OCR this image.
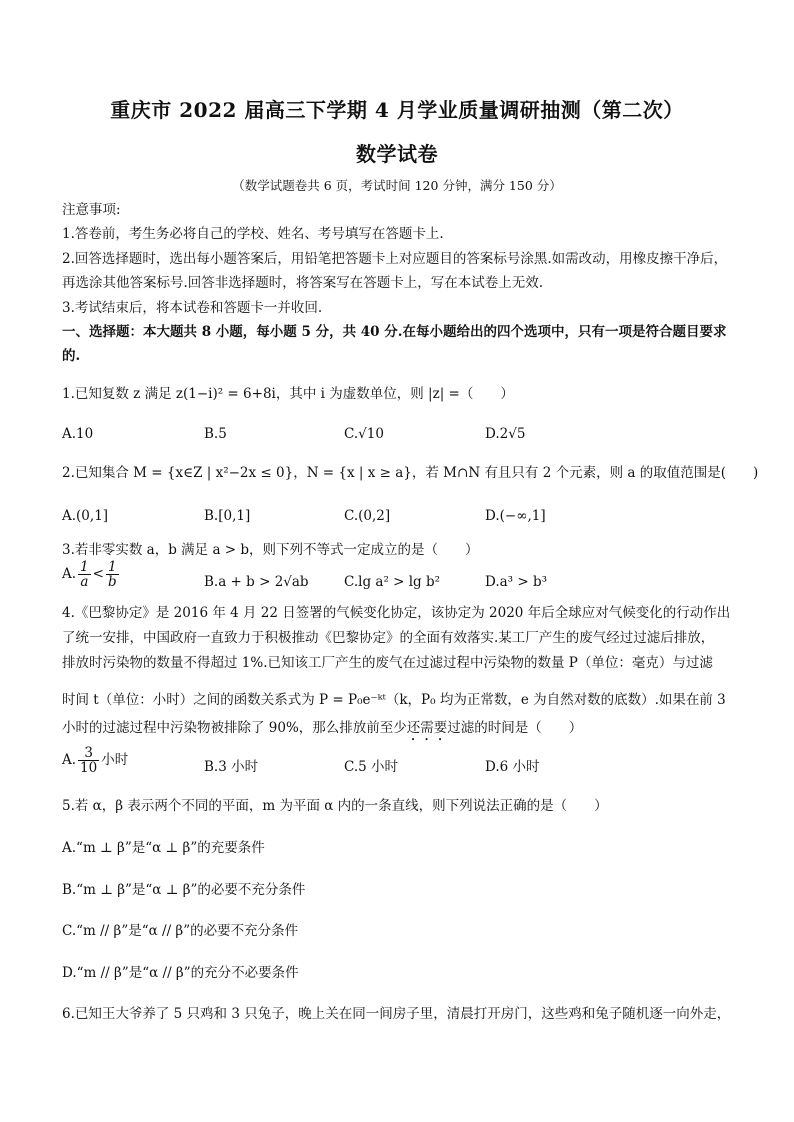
重庆市 2022 届高三下学期 4 月学业质量调研抽测（第二次）
数学试卷
（数学试题卷共 6 页，考试时间 120 分钟，满分 150 分）
注意事项:
1.答卷前，考生务必将自己的学校、姓名、考号填写在答题卡上.
2.回答选择题时，选出每小题答案后，用铅笔把答题卡上对应题目的答案标号涂黑.如需改动，用橡皮擦干净后，
再选涂其他答案标号.回答非选择题时，将答案写在答题卡上，写在本试卷上无效.
3.考试结束后，将本试卷和答题卡一并收回.
一、选择题：本大题共 8 小题，每小题 5 分，共 40 分.在每小题给出的四个选项中，只有一项是符合题目要求
的.
1.已知复数 z 满足 z(1−i)² = 6+8i，其中 i 为虚数单位，则 |z| =（　　）
A.10	B.5	C.√10	D.2√5
2.已知集合 M = {x∈Z | x²−2x ≤ 0}，N = {x | x ≥ a}，若 M∩N 有且只有 2 个元素，则 a 的取值范围是(　　)
A.(0,1]	B.[0,1]	C.(0,2]	D.(−∞,1]
3.若非零实数 a，b 满足 a > b，则下列不等式一定成立的是（　　）
A. $\frac{1}{a} < \frac{1}{b}$	B.a + b > 2√ab	C.lg a² > lg b²	D.a³ > b³
4.《巴黎协定》是 2016 年 4 月 22 日签署的气候变化协定，该协定为 2020 年后全球应对气候变化的行动作出
了统一安排，中国政府一直致力于积极推动《巴黎协定》的全面有效落实.某工厂产生的废气经过过滤后排放，
排放时污染物的数量不得超过 1%.已知该工厂产生的废气在过滤过程中污染物的数量 P（单位：毫克）与过滤
时间 t（单位：小时）之间的函数关系式为 P = P₀e⁻ᵏᵗ（k，P₀ 均为正常数，e 为自然对数的底数）.如果在前 3
小时的过滤过程中污染物被排除了 90%，那么排放前至少还需要过滤的时间是（　　）
A. $\frac{3}{10}$ 小时	B.3 小时	C.5 小时	D.6 小时
5.若 α，β 表示两个不同的平面，m 为平面 α 内的一条直线，则下列说法正确的是（　　）
A.“m ⊥ β”是“α ⊥ β”的充要条件
B.“m ⊥ β”是“α ⊥ β”的必要不充分条件
C.“m // β”是“α // β”的必要不充分条件
D.“m // β”是“α // β”的充分不必要条件
6.已知王大爷养了 5 只鸡和 3 只兔子，晚上关在同一间房子里，清晨打开房门，这些鸡和兔子随机逐一向外走，
